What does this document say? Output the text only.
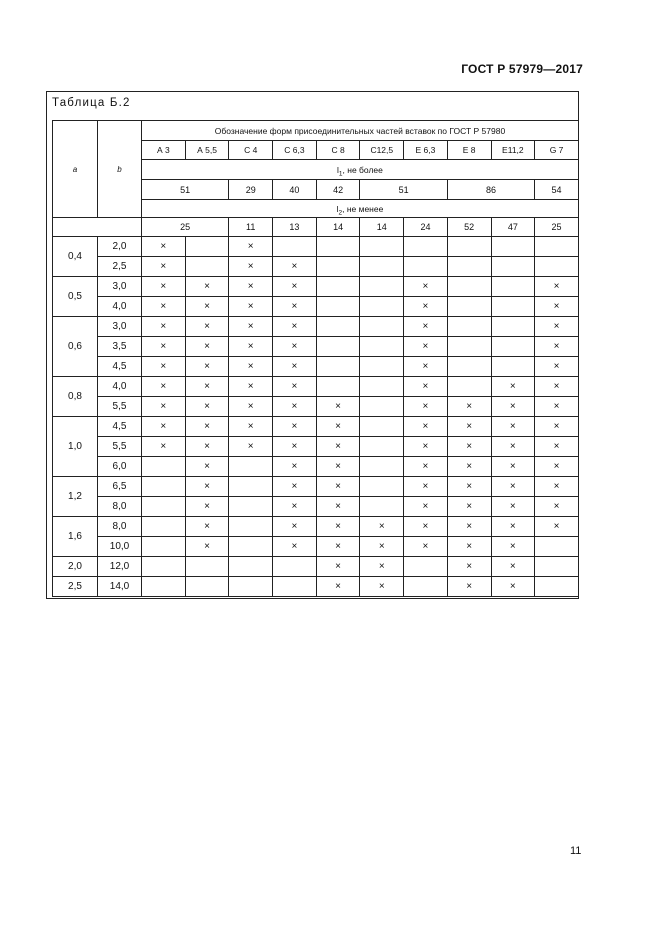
ГОСТ Р 57979—2017
Таблица Б.2
a	b	Обозначение форм присоединительных частей вставок по ГОСТ Р 57980									
		А 3	А 5,5	С 4	С 6,3	С 8	С12,5	Е 6,3	Е 8	Е11,2	G 7
		$l_1$, не более									
		51		29	40	42	51		86		54
		$l_2$, не менее									
		25		11	13	14	14	24	52	47	25
0,4	2,0	×		×							
	2,5	×		×	×						
0,5	3,0	×	×	×	×			×			×
	4,0	×	×	×	×			×			×
0,6	3,0	×	×	×	×			×			×
	3,5	×	×	×	×			×			×
	4,5	×	×	×	×			×			×
0,8	4,0	×	×	×	×			×		×	×
	5,5	×	×	×	×	×		×	×	×	×
1,0	4,5	×	×	×	×	×		×	×	×	×
	5,5	×	×	×	×	×		×	×	×	×
	6,0		×		×	×		×	×	×	×
1,2	6,5		×		×	×		×	×	×	×
	8,0		×		×	×		×	×	×	×
1,6	8,0		×		×	×	×	×	×	×	×
	10,0		×		×	×	×	×	×	×	
2,0	12,0					×	×		×	×	
2,5	14,0					×	×		×	×	
11
